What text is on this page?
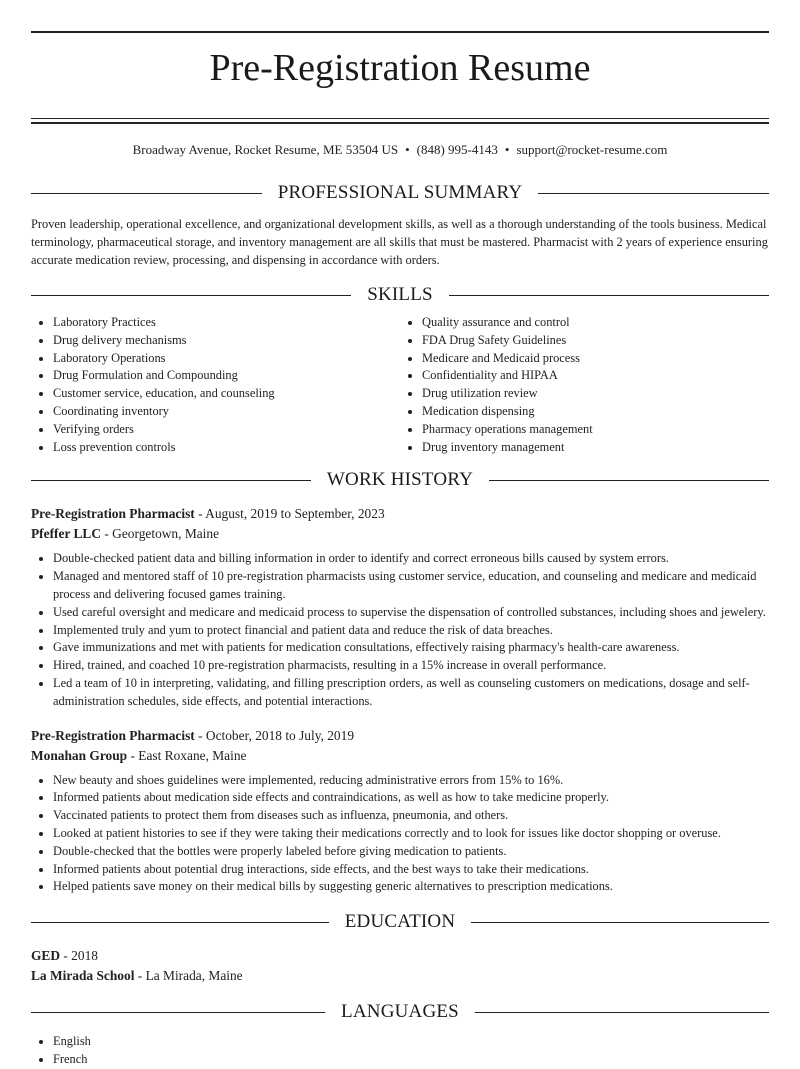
Pre-Registration Resume
Broadway Avenue, Rocket Resume, ME 53504 US • (848) 995-4143 • support@rocket-resume.com
PROFESSIONAL SUMMARY

Proven leadership, operational excellence, and organizational development skills, as well as a thorough understanding of the tools business. Medical terminology, pharmaceutical storage, and inventory management are all skills that must be mastered. Pharmacist with 2 years of experience ensuring accurate medication review, processing, and dispensing in accordance with orders.

SKILLS
• Laboratory Practices
• Drug delivery mechanisms
• Laboratory Operations
• Drug Formulation and Compounding
• Customer service, education, and counseling
• Coordinating inventory
• Verifying orders
• Loss prevention controls
• Quality assurance and control
• FDA Drug Safety Guidelines
• Medicare and Medicaid process
• Confidentiality and HIPAA
• Drug utilization review
• Medication dispensing
• Pharmacy operations management
• Drug inventory management
WORK HISTORY
Pre-Registration Pharmacist - August, 2019 to September, 2023
Pfeffer LLC - Georgetown, Maine
• Double-checked patient data and billing information in order to identify and correct erroneous bills caused by system errors.
• Managed and mentored staff of 10 pre-registration pharmacists using customer service, education, and counseling and medicare and medicaid process and delivering focused games training.
• Used careful oversight and medicare and medicaid process to supervise the dispensation of controlled substances, including shoes and jewelery.
• Implemented truly and yum to protect financial and patient data and reduce the risk of data breaches.
• Gave immunizations and met with patients for medication consultations, effectively raising pharmacy's health-care awareness.
• Hired, trained, and coached 10 pre-registration pharmacists, resulting in a 15% increase in overall performance.
• Led a team of 10 in interpreting, validating, and filling prescription orders, as well as counseling customers on medications, dosage and self-administration schedules, side effects, and potential interactions.
Pre-Registration Pharmacist - October, 2018 to July, 2019
Monahan Group - East Roxane, Maine
• New beauty and shoes guidelines were implemented, reducing administrative errors from 15% to 16%.
• Informed patients about medication side effects and contraindications, as well as how to take medicine properly.
• Vaccinated patients to protect them from diseases such as influenza, pneumonia, and others.
• Looked at patient histories to see if they were taking their medications correctly and to look for issues like doctor shopping or overuse.
• Double-checked that the bottles were properly labeled before giving medication to patients.
• Informed patients about potential drug interactions, side effects, and the best ways to take their medications.
• Helped patients save money on their medical bills by suggesting generic alternatives to prescription medications.
EDUCATION
GED - 2018
La Mirada School - La Mirada, Maine
LANGUAGES
• English
• French
